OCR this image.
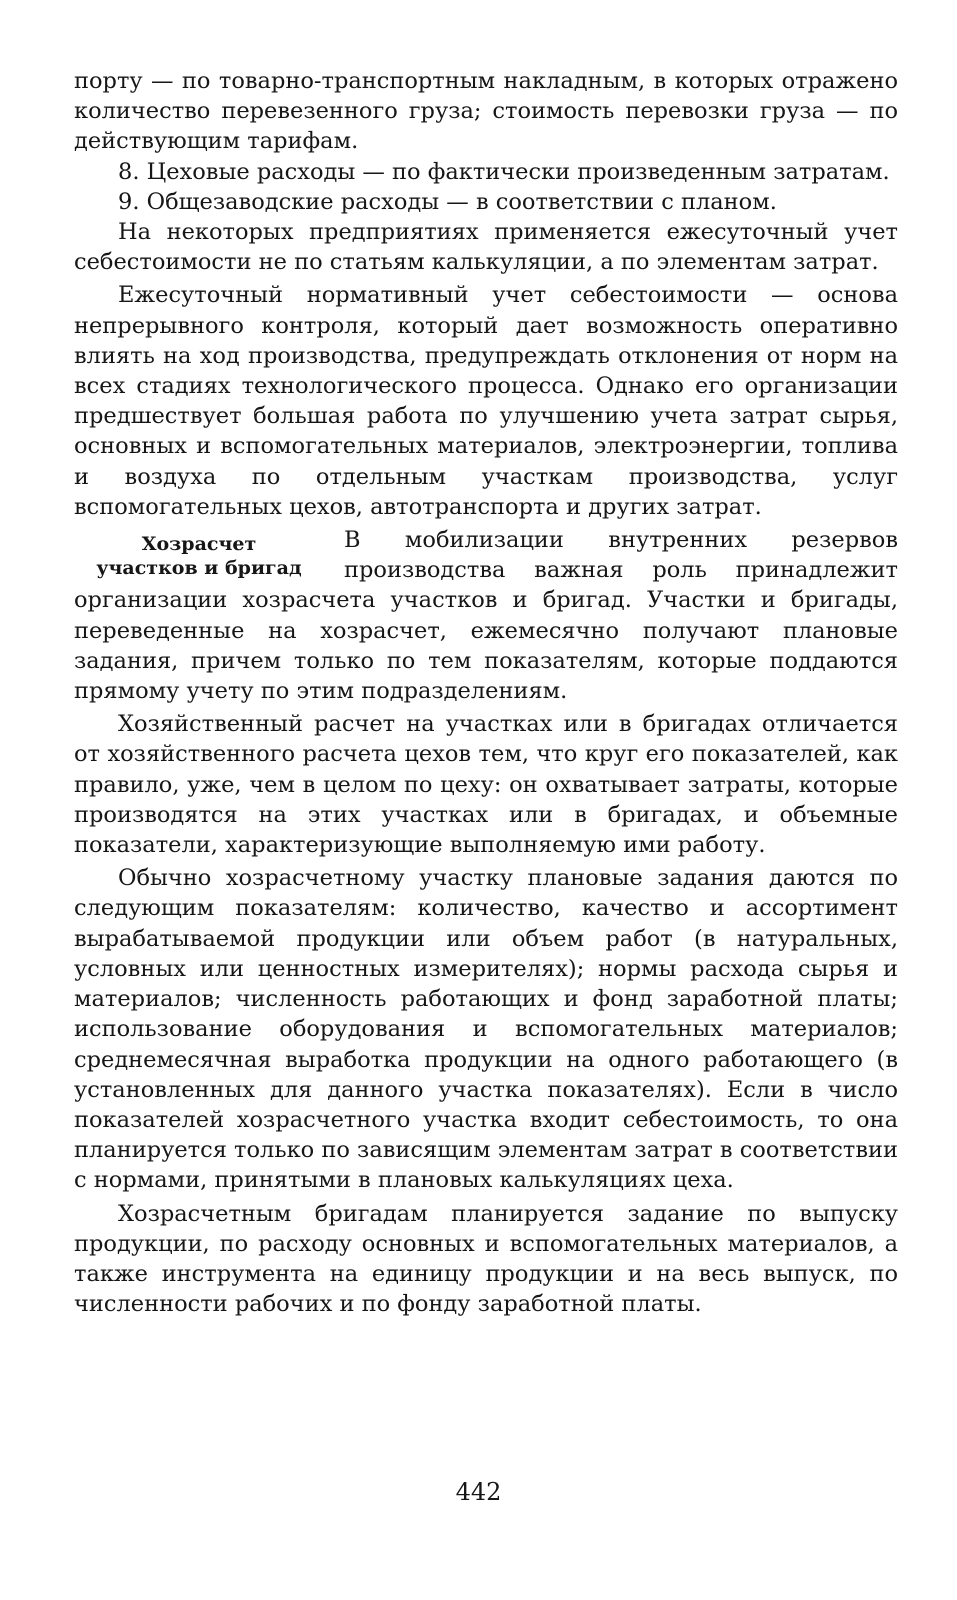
порту — по товарно-транспортным накладным, в которых отражено количество перевезенного груза; стоимость перевозки груза — по действующим тарифам.

8. Цеховые расходы — по фактически произведенным затратам.

9. Общезаводские расходы — в соответствии с планом.

На некоторых предприятиях применяется ежесуточный учет себестоимости не по статьям калькуляции, а по элементам затрат.

Ежесуточный нормативный учет себестоимости — основа непрерывного контроля, который дает возможность оперативно влиять на ход производства, предупреждать отклонения от норм на всех стадиях технологического процесса. Однако его организации предшествует большая работа по улучшению учета затрат сырья, основных и вспомогательных материалов, электроэнергии, топлива и воздуха по отдельным участкам производства, услуг вспомогательных цехов, автотранспорта и других затрат.

Хозрасчет
участков и бригад

В мобилизации внутренних резервов производства важная роль принадлежит организации хозрасчета участков и бригад. Участки и бригады, переведенные на хозрасчет, ежемесячно получают плановые задания, причем только по тем показателям, которые поддаются прямому учету по этим подразделениям.

Хозяйственный расчет на участках или в бригадах отличается от хозяйственного расчета цехов тем, что круг его показателей, как правило, уже, чем в целом по цеху: он охватывает затраты, которые производятся на этих участках или в бригадах, и объемные показатели, характеризующие выполняемую ими работу.

Обычно хозрасчетному участку плановые задания даются по следующим показателям: количество, качество и ассортимент вырабатываемой продукции или объем работ (в натуральных, условных или ценностных измерителях); нормы расхода сырья и материалов; численность работающих и фонд заработной платы; использование оборудования и вспомогательных материалов; среднемесячная выработка продукции на одного работающего (в установленных для данного участка показателях). Если в число показателей хозрасчетного участка входит себестоимость, то она планируется только по зависящим элементам затрат в соответствии с нормами, принятыми в плановых калькуляциях цеха.

Хозрасчетным бригадам планируется задание по выпуску продукции, по расходу основных и вспомогательных материалов, а также инструмента на единицу продукции и на весь выпуск, по численности рабочих и по фонду заработной платы.

442
